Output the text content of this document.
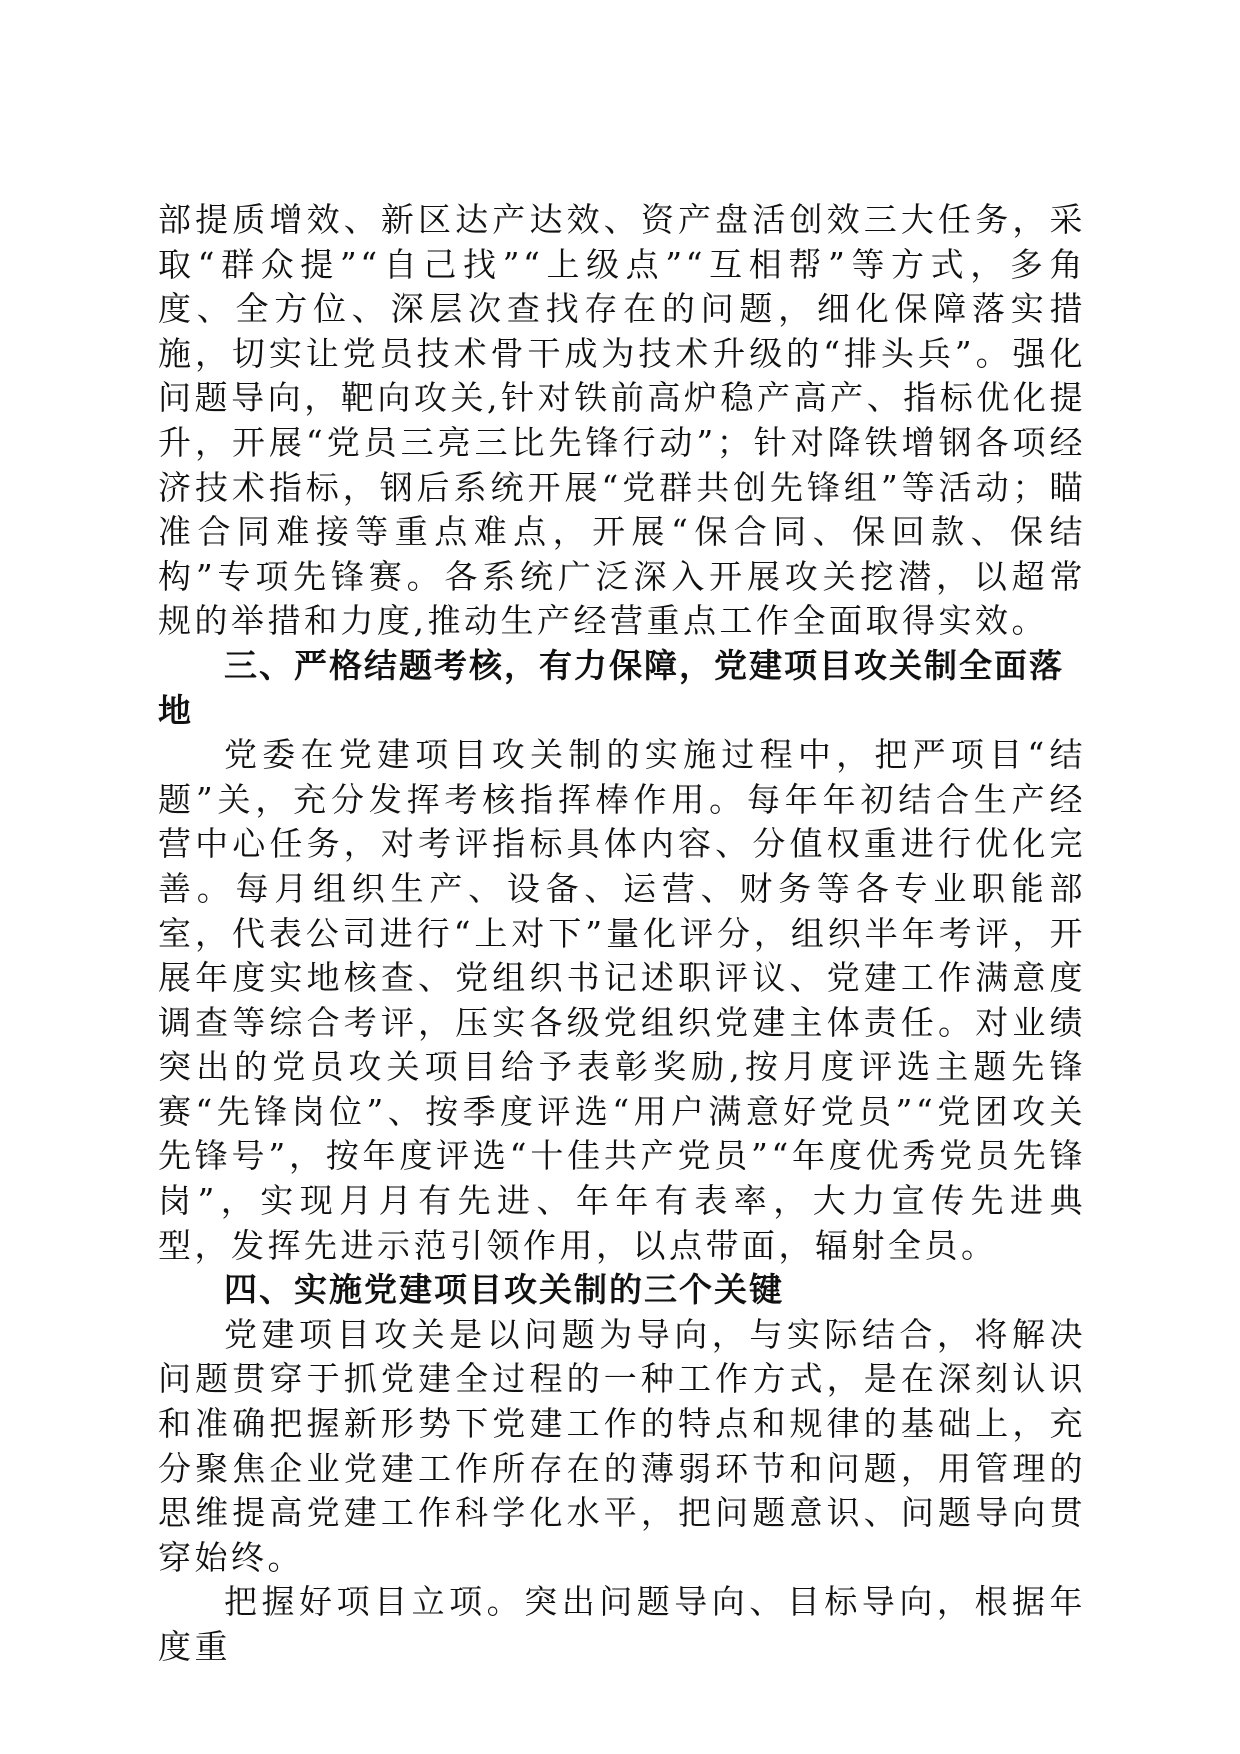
部提质增效、新区达产达效、资产盘活创效三大任务，采取“群众提”“自己找”“上级点”“互相帮”等方式，多角度、全方位、深层次查找存在的问题，细化保障落实措施，切实让党员技术骨干成为技术升级的“排头兵”。强化问题导向，靶向攻关,针对铁前高炉稳产高产、指标优化提升，开展“党员三亮三比先锋行动”；针对降铁增钢各项经济技术指标，钢后系统开展“党群共创先锋组”等活动；瞄准合同难接等重点难点，开展“保合同、保回款、保结构”专项先锋赛。各系统广泛深入开展攻关挖潜，以超常规的举措和力度,推动生产经营重点工作全面取得实效。

三、严格结题考核，有力保障，党建项目攻关制全面落地

党委在党建项目攻关制的实施过程中，把严项目“结题”关，充分发挥考核指挥棒作用。每年年初结合生产经营中心任务，对考评指标具体内容、分值权重进行优化完善。每月组织生产、设备、运营、财务等各专业职能部室，代表公司进行“上对下”量化评分，组织半年考评，开展年度实地核查、党组织书记述职评议、党建工作满意度调查等综合考评，压实各级党组织党建主体责任。对业绩突出的党员攻关项目给予表彰奖励,按月度评选主题先锋赛“先锋岗位”、按季度评选“用户满意好党员”“党团攻关先锋号”，按年度评选“十佳共产党员”“年度优秀党员先锋岗”，实现月月有先进、年年有表率，大力宣传先进典型，发挥先进示范引领作用，以点带面，辐射全员。

四、实施党建项目攻关制的三个关键

党建项目攻关是以问题为导向，与实际结合，将解决问题贯穿于抓党建全过程的一种工作方式，是在深刻认识和准确把握新形势下党建工作的特点和规律的基础上，充分聚焦企业党建工作所存在的薄弱环节和问题，用管理的思维提高党建工作科学化水平，把问题意识、问题导向贯穿始终。

把握好项目立项。突出问题导向、目标导向，根据年度重
